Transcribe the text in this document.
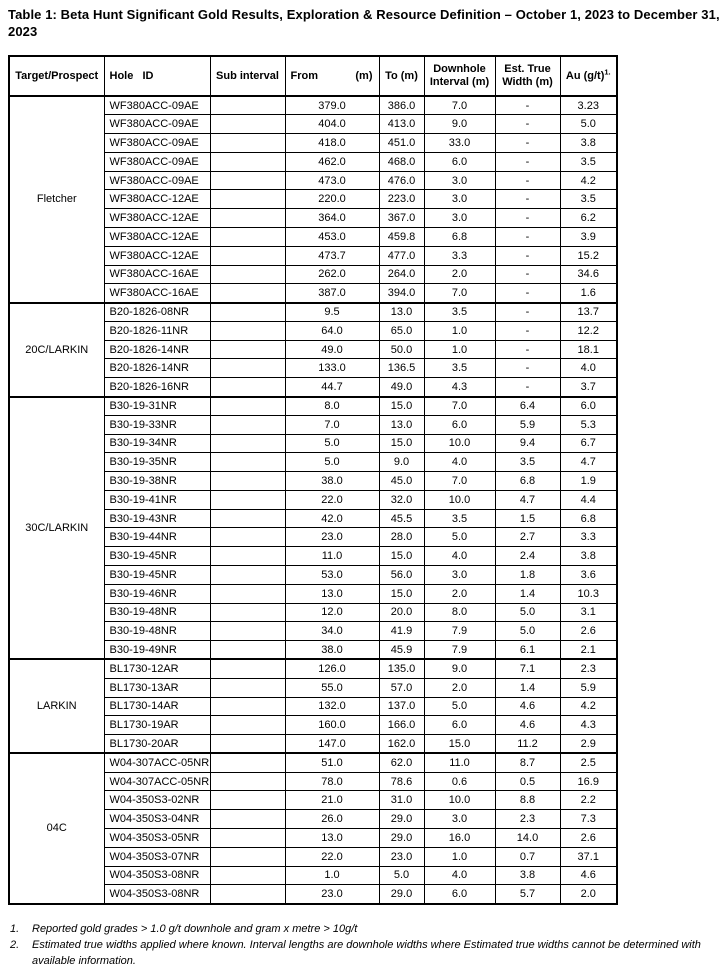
Table 1: Beta Hunt Significant Gold Results, Exploration & Resource Definition – October 1, 2023 to December 31, 2023
Target/Prospect	Hole   ID	Sub interval	From (m)	To (m)	Downhole Interval (m)	Est. True Width (m)	Au $(g/t)^{1.}$
Fletcher	WF380ACC-09AE		379.0	386.0	7.0	-	3.23
	WF380ACC-09AE		404.0	413.0	9.0	-	5.0
	WF380ACC-09AE		418.0	451.0	33.0	-	3.8
	WF380ACC-09AE		462.0	468.0	6.0	-	3.5
	WF380ACC-09AE		473.0	476.0	3.0	-	4.2
	WF380ACC-12AE		220.0	223.0	3.0	-	3.5
	WF380ACC-12AE		364.0	367.0	3.0	-	6.2
	WF380ACC-12AE		453.0	459.8	6.8	-	3.9
	WF380ACC-12AE		473.7	477.0	3.3	-	15.2
	WF380ACC-16AE		262.0	264.0	2.0	-	34.6
	WF380ACC-16AE		387.0	394.0	7.0	-	1.6
20C/LARKIN	B20-1826-08NR		9.5	13.0	3.5	-	13.7
	B20-1826-11NR		64.0	65.0	1.0	-	12.2
	B20-1826-14NR		49.0	50.0	1.0	-	18.1
	B20-1826-14NR		133.0	136.5	3.5	-	4.0
	B20-1826-16NR		44.7	49.0	4.3	-	3.7
30C/LARKIN	B30-19-31NR		8.0	15.0	7.0	6.4	6.0
	B30-19-33NR		7.0	13.0	6.0	5.9	5.3
	B30-19-34NR		5.0	15.0	10.0	9.4	6.7
	B30-19-35NR		5.0	9.0	4.0	3.5	4.7
	B30-19-38NR		38.0	45.0	7.0	6.8	1.9
	B30-19-41NR		22.0	32.0	10.0	4.7	4.4
	B30-19-43NR		42.0	45.5	3.5	1.5	6.8
	B30-19-44NR		23.0	28.0	5.0	2.7	3.3
	B30-19-45NR		11.0	15.0	4.0	2.4	3.8
	B30-19-45NR		53.0	56.0	3.0	1.8	3.6
	B30-19-46NR		13.0	15.0	2.0	1.4	10.3
	B30-19-48NR		12.0	20.0	8.0	5.0	3.1
	B30-19-48NR		34.0	41.9	7.9	5.0	2.6
	B30-19-49NR		38.0	45.9	7.9	6.1	2.1
LARKIN	BL1730-12AR		126.0	135.0	9.0	7.1	2.3
	BL1730-13AR		55.0	57.0	2.0	1.4	5.9
	BL1730-14AR		132.0	137.0	5.0	4.6	4.2
	BL1730-19AR		160.0	166.0	6.0	4.6	4.3
	BL1730-20AR		147.0	162.0	15.0	11.2	2.9
04C	W04-307ACC-05NR		51.0	62.0	11.0	8.7	2.5
	W04-307ACC-05NR		78.0	78.6	0.6	0.5	16.9
	W04-350S3-02NR		21.0	31.0	10.0	8.8	2.2
	W04-350S3-04NR		26.0	29.0	3.0	2.3	7.3
	W04-350S3-05NR		13.0	29.0	16.0	14.0	2.6
	W04-350S3-07NR		22.0	23.0	1.0	0.7	37.1
	W04-350S3-08NR		1.0	5.0	4.0	3.8	4.6
	W04-350S3-08NR		23.0	29.0	6.0	5.7	2.0
1.	Reported gold grades > 1.0 g/t downhole and gram x metre > 10g/t
2.	Estimated true widths applied where known. Interval lengths are downhole widths where Estimated true widths cannot be determined with available information.
